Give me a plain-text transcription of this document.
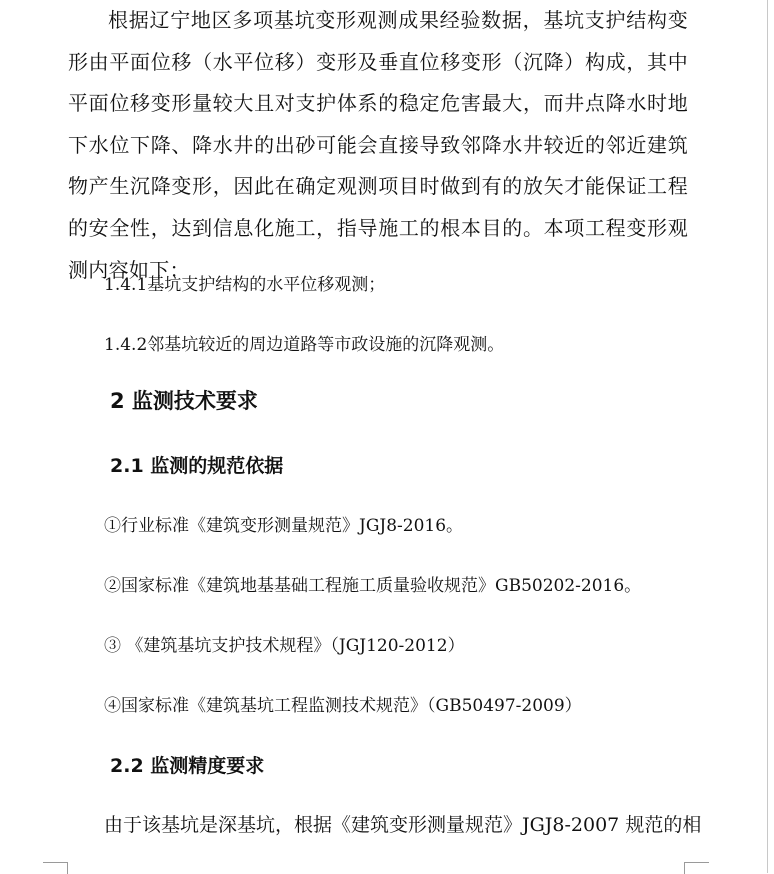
根据辽宁地区多项基坑变形观测成果经验数据，基坑支护结构变形由平面位移（水平位移）变形及垂直位移变形（沉降）构成，其中平面位移变形量较大且对支护体系的稳定危害最大，而井点降水时地下水位下降、降水井的出砂可能会直接导致邻降水井较近的邻近建筑物产生沉降变形，因此在确定观测项目时做到有的放矢才能保证工程的安全性，达到信息化施工，指导施工的根本目的。本项工程变形观测内容如下：

1.4.1基坑支护结构的水平位移观测；

1.4.2邻基坑较近的周边道路等市政设施的沉降观测。

2 监测技术要求
2.1 监测的规范依据

①行业标准《建筑变形测量规范》JGJ8-2016。

②国家标准《建筑地基基础工程施工质量验收规范》GB50202-2016。

③ 《建筑基坑支护技术规程》（JGJ120-2012）

④国家标准《建筑基坑工程监测技术规范》（GB50497-2009）

2.2 监测精度要求

由于该基坑是深基坑，根据《建筑变形测量规范》JGJ8-2007 规范的相
